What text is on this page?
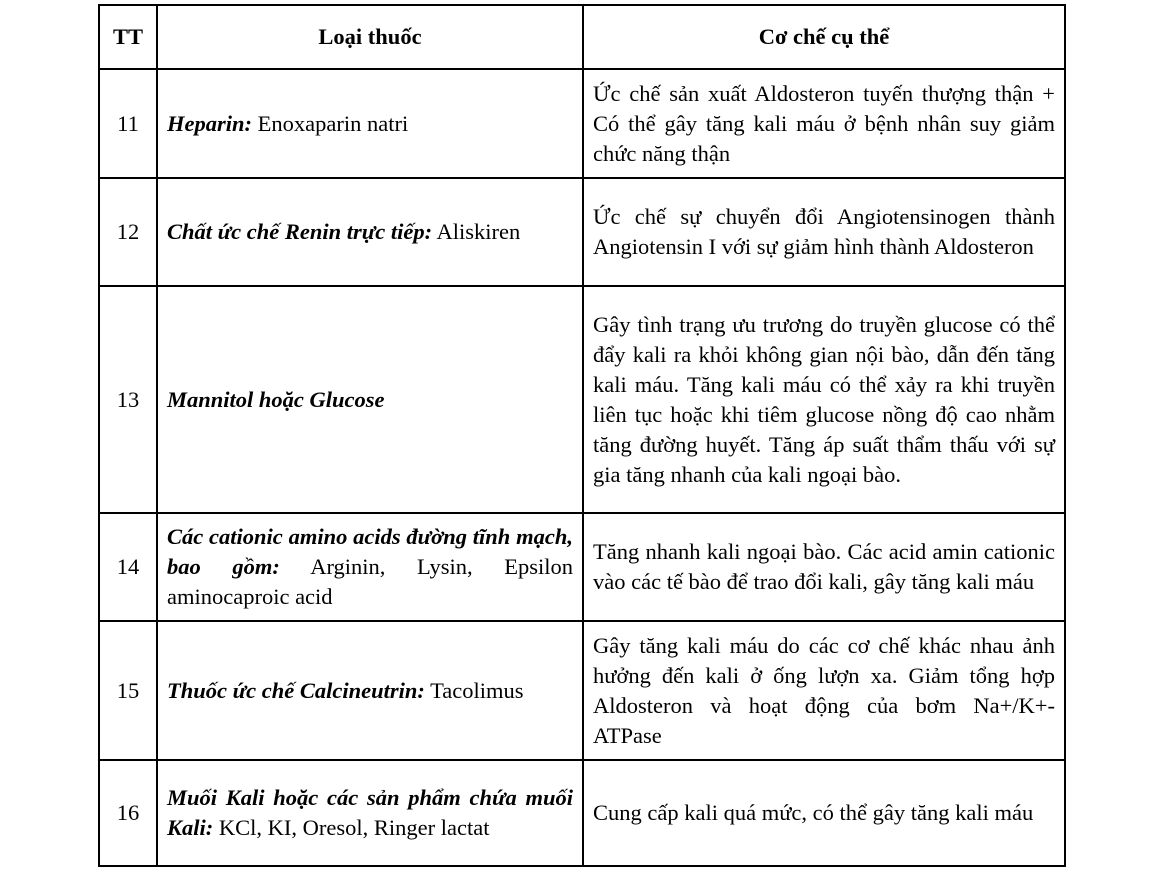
TT	Loại thuốc	Cơ chế cụ thể
11	Heparin: Enoxaparin natri	Ức chế sản xuất Aldosteron tuyến thượng thận + Có thể gây tăng kali máu ở bệnh nhân suy giảm chức năng thận
12	Chất ức chế Renin trực tiếp: Aliskiren	Ức chế sự chuyển đổi Angiotensinogen thành Angiotensin I với sự giảm hình thành Aldosteron
13	Mannitol hoặc Glucose	Gây tình trạng ưu trương do truyền glucose có thể đẩy kali ra khỏi không gian nội bào, dẫn đến tăng kali máu. Tăng kali máu có thể xảy ra khi truyền liên tục hoặc khi tiêm glucose nồng độ cao nhằm tăng đường huyết. Tăng áp suất thẩm thấu với sự gia tăng nhanh của kali ngoại bào.
14	Các cationic amino acids đường tĩnh mạch, bao gồm: Arginin, Lysin, Epsilon aminocaproic acid	Tăng nhanh kali ngoại bào. Các acid amin cationic vào các tế bào để trao đổi kali, gây tăng kali máu
15	Thuốc ức chế Calcineutrin: Tacolimus	Gây tăng kali máu do các cơ chế khác nhau ảnh hưởng đến kali ở ống lượn xa. Giảm tổng hợp Aldosteron và hoạt động của bơm Na+/K+- ATPase
16	Muối Kali hoặc các sản phẩm chứa muối Kali: KCl, KI, Oresol, Ringer lactat	Cung cấp kali quá mức, có thể gây tăng kali máu
